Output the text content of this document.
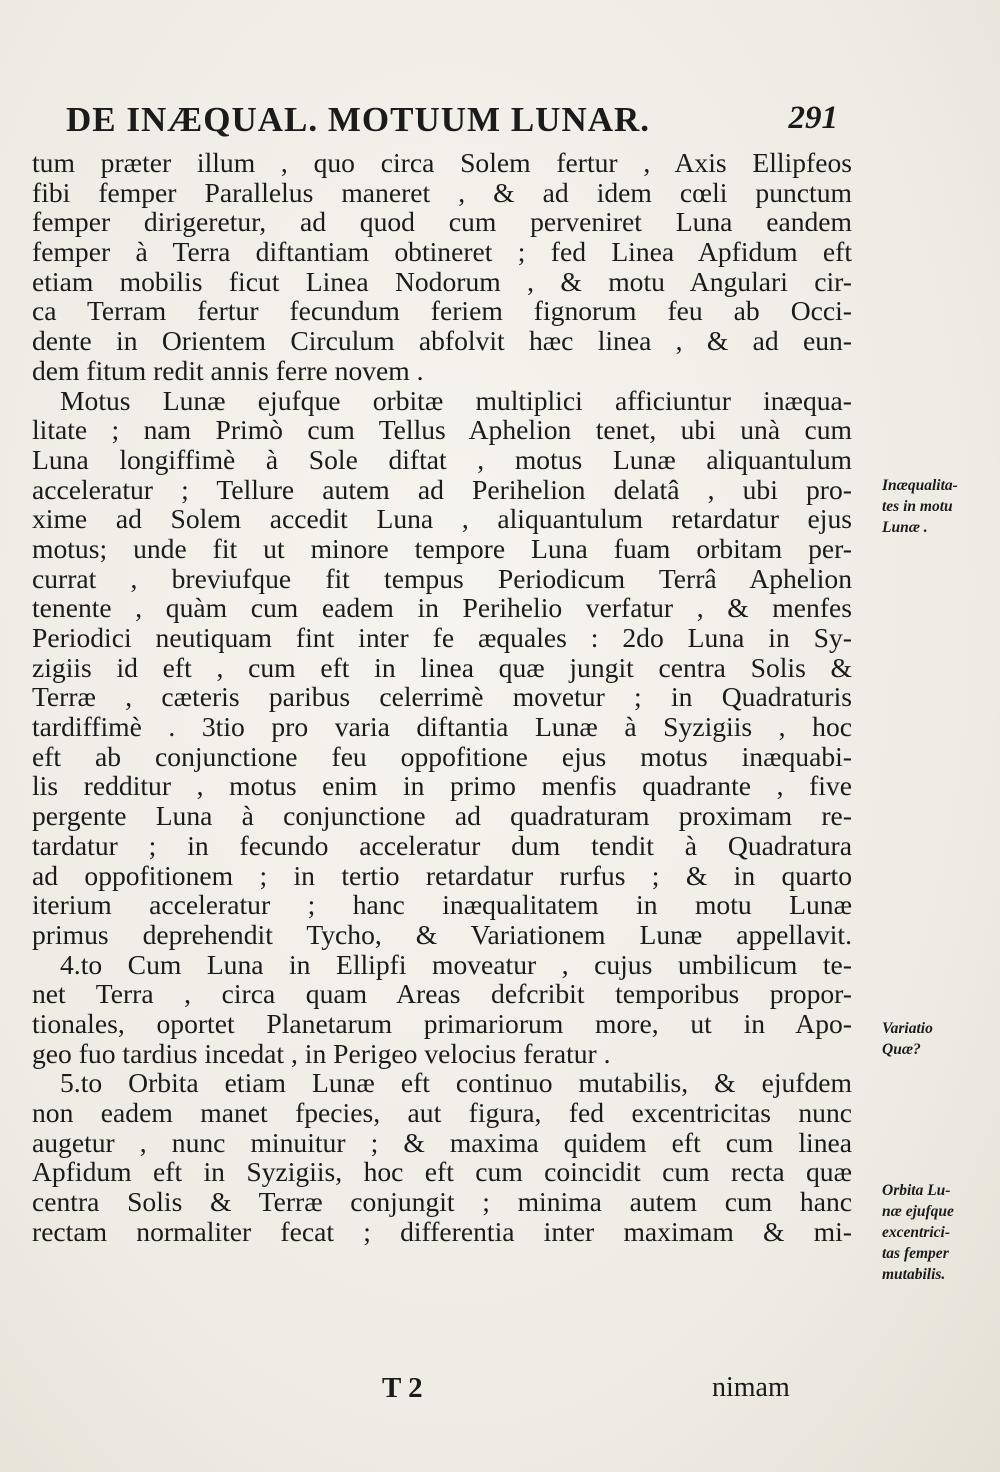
DE INÆQUAL. MOTUUM LUNAR.	291
tum præter illum , quo circa Solem fertur , Axis Ellipfeos
fibi femper Parallelus maneret , & ad idem cœli punctum
femper dirigeretur, ad quod cum perveniret Luna eandem
femper à Terra diftantiam obtineret ; fed Linea Apfidum eft
etiam mobilis ficut Linea Nodorum , & motu Angulari cir-
ca Terram fertur fecundum feriem fignorum feu ab Occi-
dente in Orientem Circulum abfolvit hæc linea , & ad eun-
dem fitum redit annis ferre novem .
Motus Lunæ ejufque orbitæ multiplici afficiuntur inæqua-
litate ; nam Primò cum Tellus Aphelion tenet, ubi unà cum
Luna longiffimè à Sole diftat , motus Lunæ aliquantulum
acceleratur ; Tellure autem ad Perihelion delatâ , ubi pro-
xime ad Solem accedit Luna , aliquantulum retardatur ejus
motus; unde fit ut minore tempore Luna fuam orbitam per-
currat , breviufque fit tempus Periodicum Terrâ Aphelion
tenente , quàm cum eadem in Perihelio verfatur , & menfes
Periodici neutiquam fint inter fe æquales : 2do Luna in Sy-
zigiis id eft , cum eft in linea quæ jungit centra Solis &
Terræ , cæteris paribus celerrimè movetur ; in Quadraturis
tardiffimè . 3tio pro varia diftantia Lunæ à Syzigiis , hoc
eft ab conjunctione feu oppofitione ejus motus inæquabi-
lis redditur , motus enim in primo menfis quadrante , five
pergente Luna à conjunctione ad quadraturam proximam re-
tardatur ; in fecundo acceleratur dum tendit à Quadratura
ad oppofitionem ; in tertio retardatur rurfus ; & in quarto
iterium acceleratur ; hanc inæqualitatem in motu Lunæ
primus deprehendit Tycho, & Variationem Lunæ appellavit.
4.to Cum Luna in Ellipfi moveatur , cujus umbilicum te-
net Terra , circa quam Areas defcribit temporibus propor-
tionales, oportet Planetarum primariorum more, ut in Apo-
geo fuo tardius incedat , in Perigeo velocius feratur .
5.to Orbita etiam Lunæ eft continuo mutabilis, & ejufdem
non eadem manet fpecies, aut figura, fed excentricitas nunc
augetur , nunc minuitur ; & maxima quidem eft cum linea
Apfidum eft in Syzigiis, hoc eft cum coincidit cum recta quæ
centra Solis & Terræ conjungit ; minima autem cum hanc
rectam normaliter fecat ; differentia inter maximam & mi-
Inæqualita-
tes in motu
Lunæ .
Variatio
Quæ?
Orbita Lu-
næ ejufque
excentrici-
tas femper
mutabilis.
T 2	nimam
